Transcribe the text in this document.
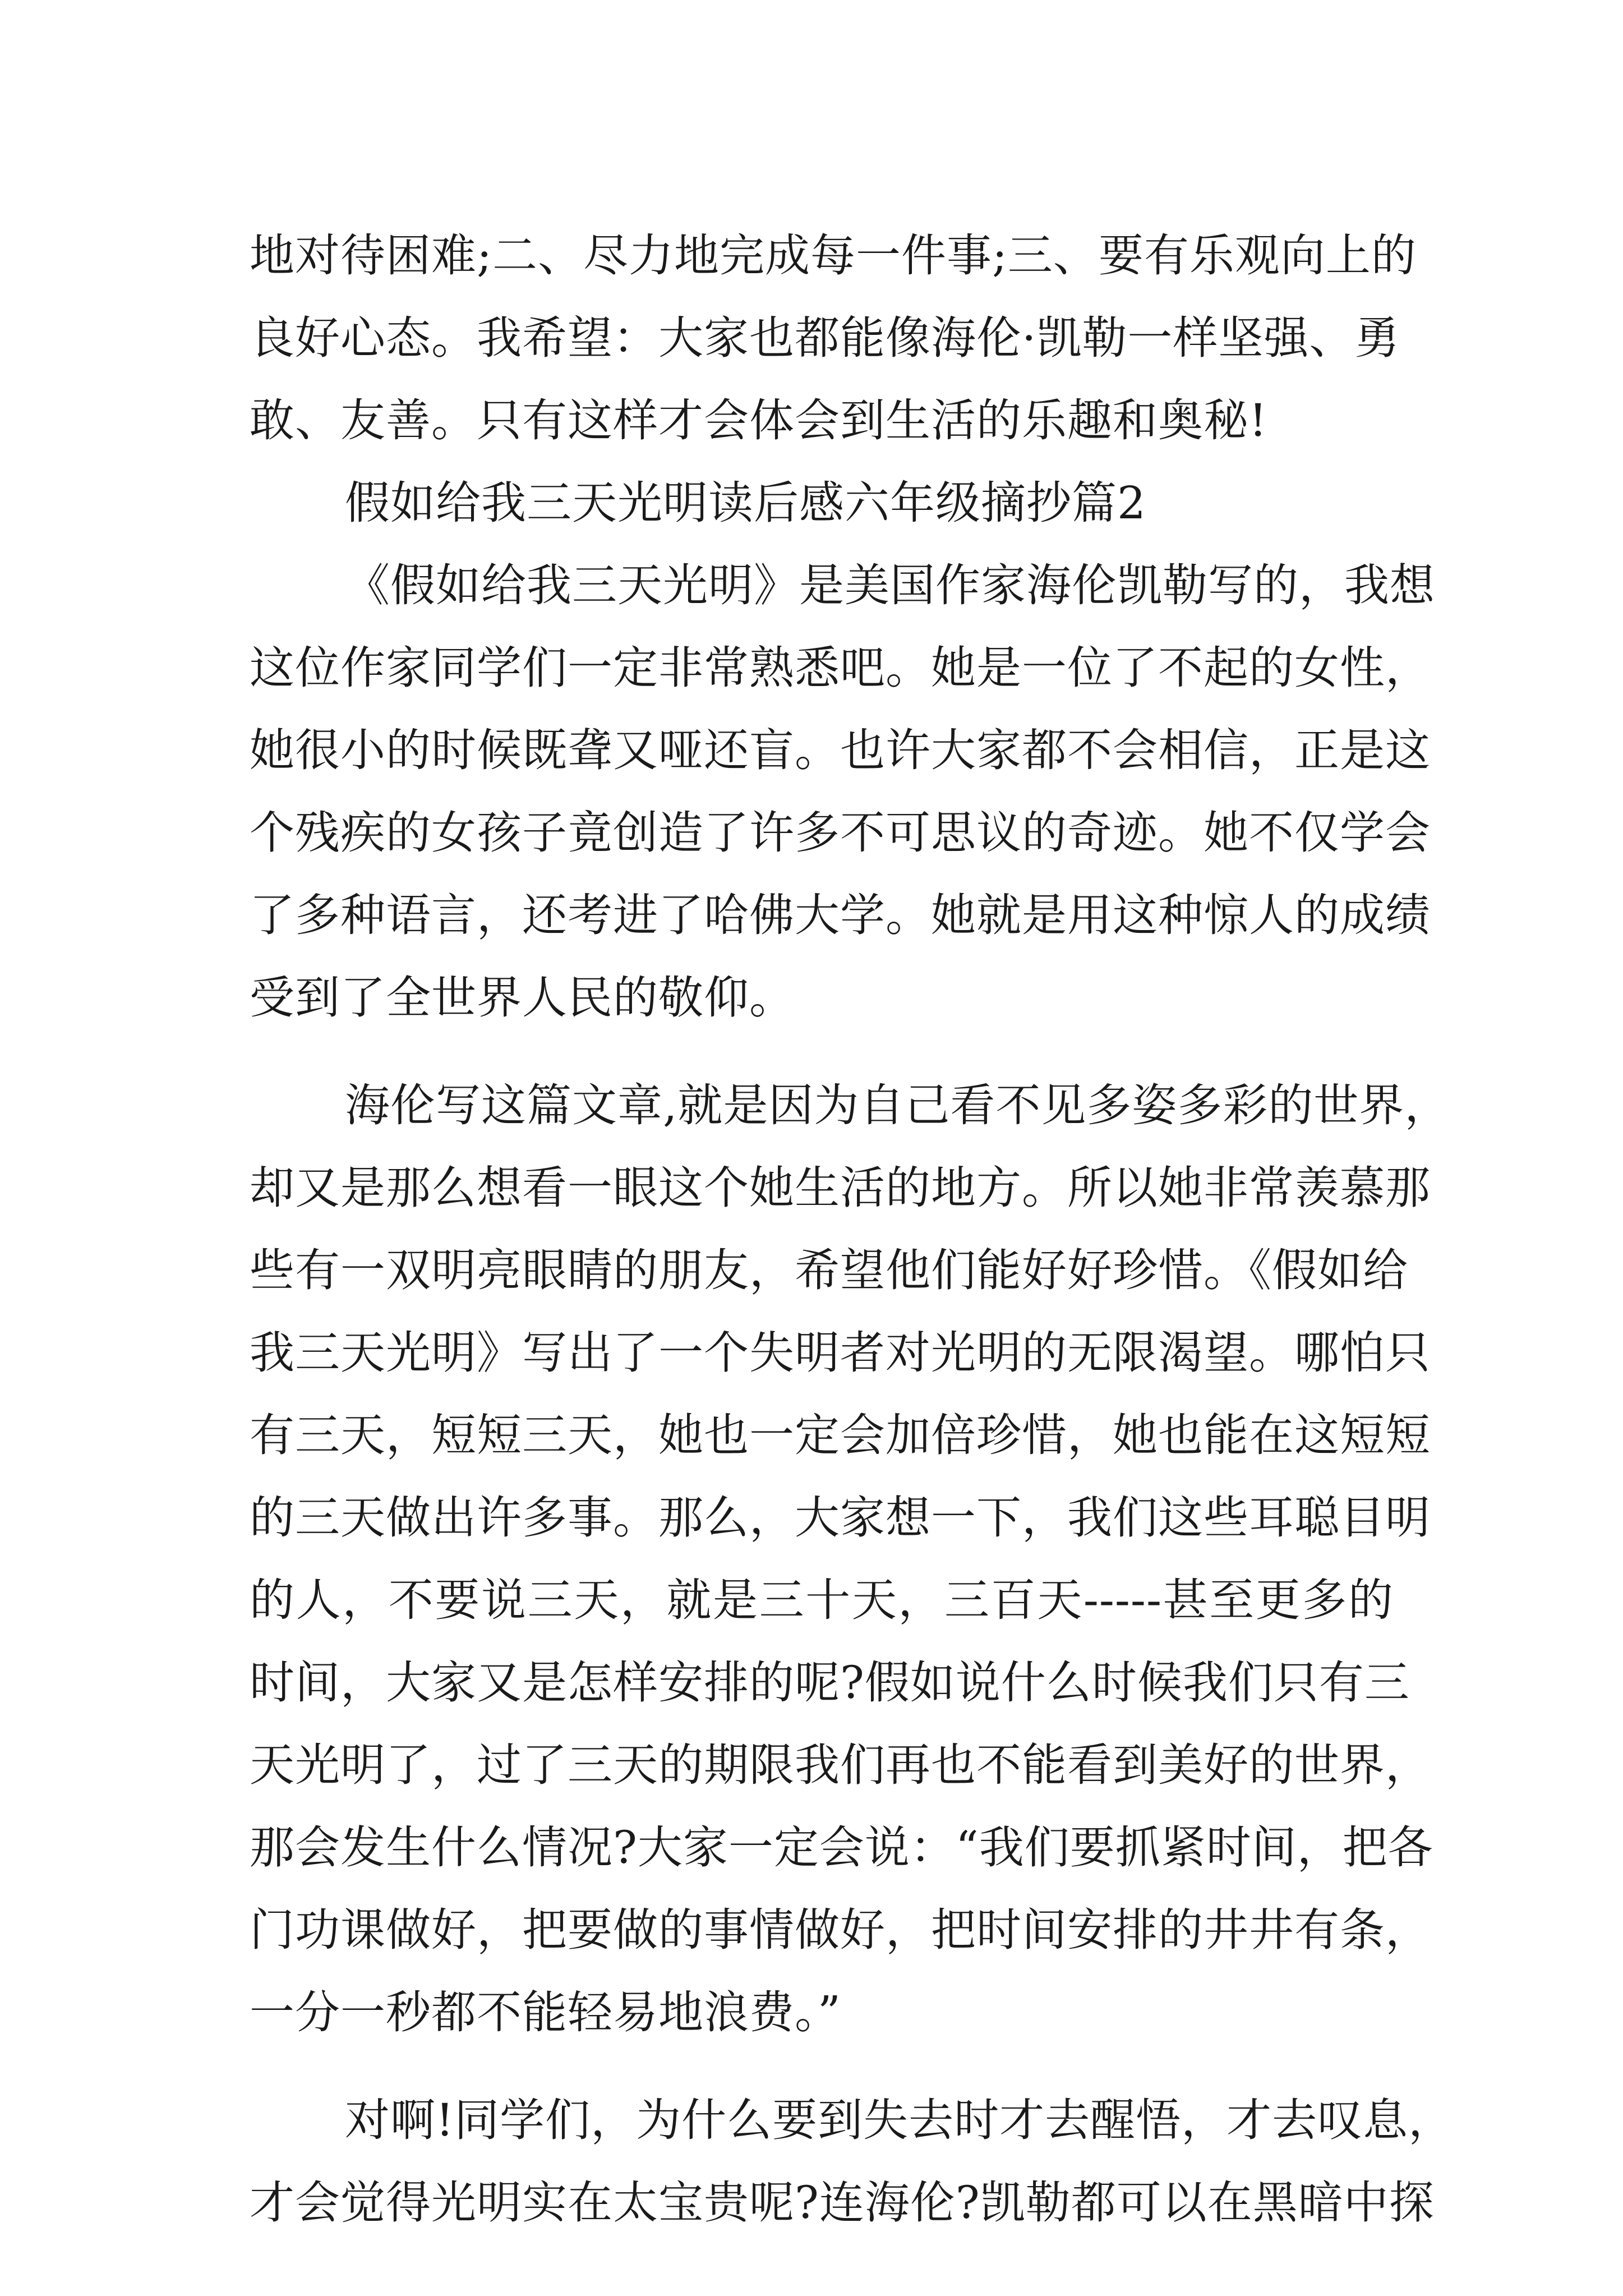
地对待困难;二、尽力地完成每一件事;三、要有乐观向上的
良好心态。我希望：大家也都能像海伦·凯勒一样坚强、勇
敢、友善。只有这样才会体会到生活的乐趣和奥秘!
假如给我三天光明读后感六年级摘抄篇2
《假如给我三天光明》是美国作家海伦凯勒写的，我想
这位作家同学们一定非常熟悉吧。她是一位了不起的女性，
她很小的时候既聋又哑还盲。也许大家都不会相信，正是这
个残疾的女孩子竟创造了许多不可思议的奇迹。她不仅学会
了多种语言，还考进了哈佛大学。她就是用这种惊人的成绩
受到了全世界人民的敬仰。
海伦写这篇文章,就是因为自己看不见多姿多彩的世界，
却又是那么想看一眼这个她生活的地方。所以她非常羡慕那
些有一双明亮眼睛的朋友，希望他们能好好珍惜。《假如给
我三天光明》写出了一个失明者对光明的无限渴望。哪怕只
有三天，短短三天，她也一定会加倍珍惜，她也能在这短短
的三天做出许多事。那么，大家想一下，我们这些耳聪目明
的人，不要说三天，就是三十天，三百天-----甚至更多的
时间，大家又是怎样安排的呢?假如说什么时候我们只有三
天光明了，过了三天的期限我们再也不能看到美好的世界，
那会发生什么情况?大家一定会说：“我们要抓紧时间，把各
门功课做好，把要做的事情做好，把时间安排的井井有条，
一分一秒都不能轻易地浪费。”
对啊!同学们，为什么要到失去时才去醒悟，才去叹息，
才会觉得光明实在太宝贵呢?连海伦?凯勒都可以在黑暗中探
